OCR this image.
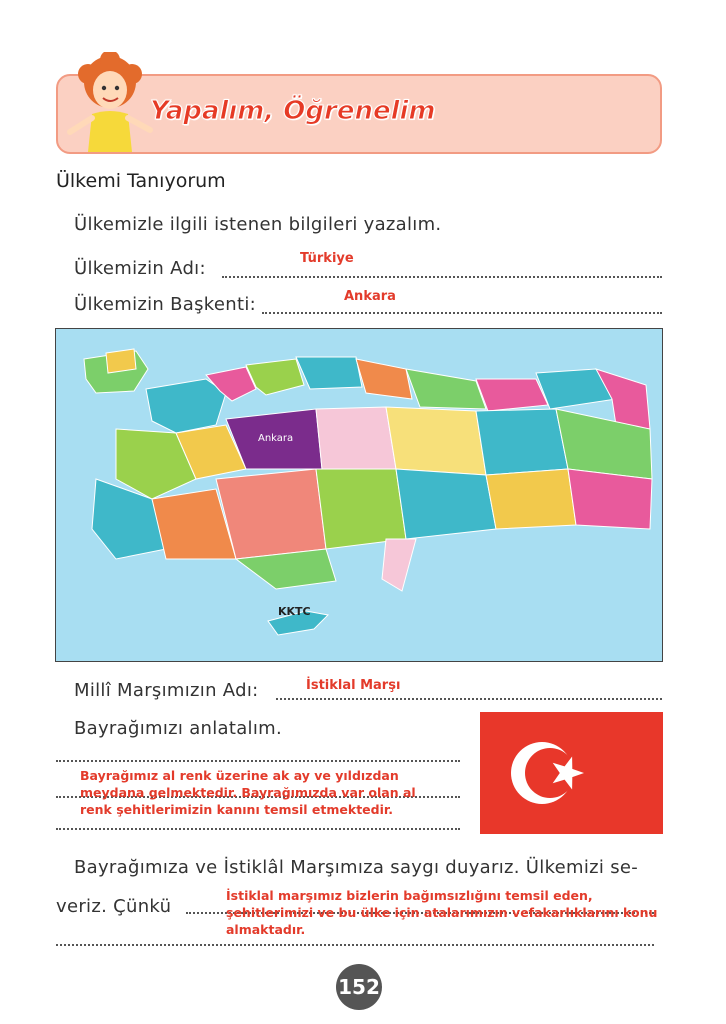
Yapalım, Öğrenelim
Ülkemi Tanıyorum
Ülkemizle ilgili istenen bilgileri yazalım.
Ülkemizin Adı:	Türkiye
Ülkemizin Başkenti:	Ankara
KKTC
Ankara
Millî Marşımızın Adı:	İstiklal Marşı
Bayrağımızı anlatalım.
Bayrağımız al renk üzerine ak ay ve yıldızdan
meydana gelmektedir. Bayrağımızda var olan al
renk şehitlerimizin kanını temsil etmektedir.
Bayrağımıza ve İstiklâl Marşımıza saygı duyarız. Ülkemizi se-
veriz. Çünkü
İstiklal marşımız bizlerin bağımsızlığını temsil eden,
şehitlerimizi ve bu ülke için atalarımızın vefakarlıklarını konu
almaktadır.
152
